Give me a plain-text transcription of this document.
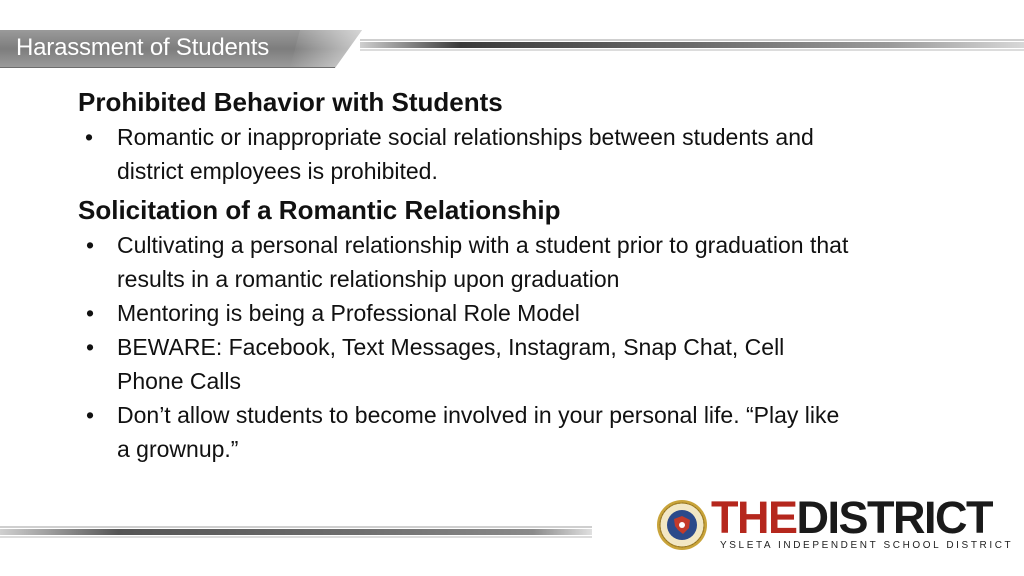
Harassment of Students
Prohibited Behavior with Students
• Romantic or inappropriate social relationships between students and
district employees is prohibited.
Solicitation of a Romantic Relationship
• Cultivating a personal relationship with a student prior to graduation that
results in a romantic relationship upon graduation
• Mentoring is being a Professional Role Model
• BEWARE: Facebook, Text Messages, Instagram, Snap Chat, Cell
Phone Calls
• Don’t allow students to become involved in your personal life. “Play like
a grownup.”
THEDISTRICT
YSLETA INDEPENDENT SCHOOL DISTRICT
